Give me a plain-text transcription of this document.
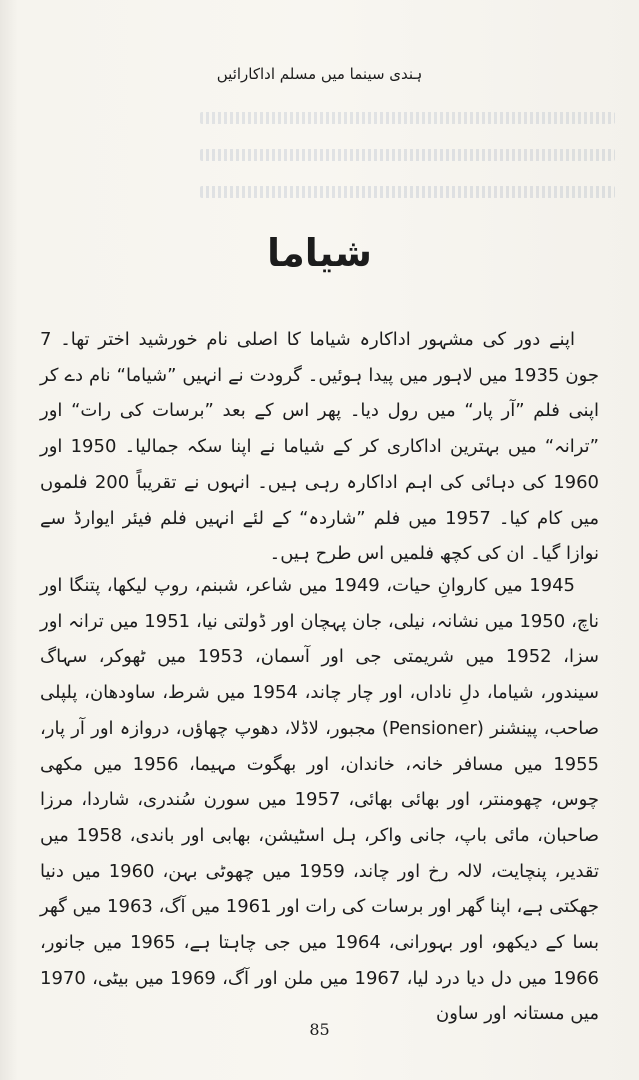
ہندی سینما میں مسلم اداکارائیں
شیاما

اپنے دور کی مشہور اداکارہ شیاما کا اصلی نام خورشید اختر تھا۔ 7 جون 1935 میں لاہور میں پیدا ہوئیں۔ گرودت نے انہیں ”شیاما“ نام دے کر اپنی فلم ”آر پار“ میں رول دیا۔ پھر اس کے بعد ”برسات کی رات“ اور ”ترانہ“ میں بہترین اداکاری کر کے شیاما نے اپنا سکہ جمالیا۔ 1950 اور 1960 کی دہائی کی اہم اداکارہ رہی ہیں۔ انہوں نے تقریباً 200 فلموں میں کام کیا۔ 1957 میں فلم ”شاردہ“ کے لئے انہیں فلم فیئر ایوارڈ سے نوازا گیا۔ ان کی کچھ فلمیں اس طرح ہیں۔

1945 میں کاروانِ حیات، 1949 میں شاعر، شبنم، روپ لیکھا، پتنگا اور ناچ، 1950 میں نشانہ، نیلی، جان پہچان اور ڈولتی نیا، 1951 میں ترانہ اور سزا، 1952 میں شریمتی جی اور آسمان، 1953 میں ٹھوکر، سہاگ سیندور، شیاما، دلِ ناداں، اور چار چاند، 1954 میں شرط، ساودھان، پلپلی صاحب، پینشنر (Pensioner) مجبور، لاڈلا، دھوپ چھاؤں، دروازہ اور آر پار، 1955 میں مسافر خانہ، خاندان، اور بھگوت مہیما، 1956 میں مکھی چوس، چھومنتر، اور بھائی بھائی، 1957 میں سورن سُندری، شاردا، مرزا صاحبان، مائی باپ، جانی واکر، ہل اسٹیشن، بھابی اور باندی، 1958 میں تقدیر، پنچایت، لالہ رخ اور چاند، 1959 میں چھوٹی بہن، 1960 میں دنیا جھکتی ہے، اپنا گھر اور برسات کی رات اور 1961 میں آگ، 1963 میں گھر بسا کے دیکھو، اور بہورانی، 1964 میں جی چاہتا ہے، 1965 میں جانور، 1966 میں دل دیا درد لیا، 1967 میں ملن اور آگ، 1969 میں بیٹی، 1970 میں مستانہ اور ساون

85
